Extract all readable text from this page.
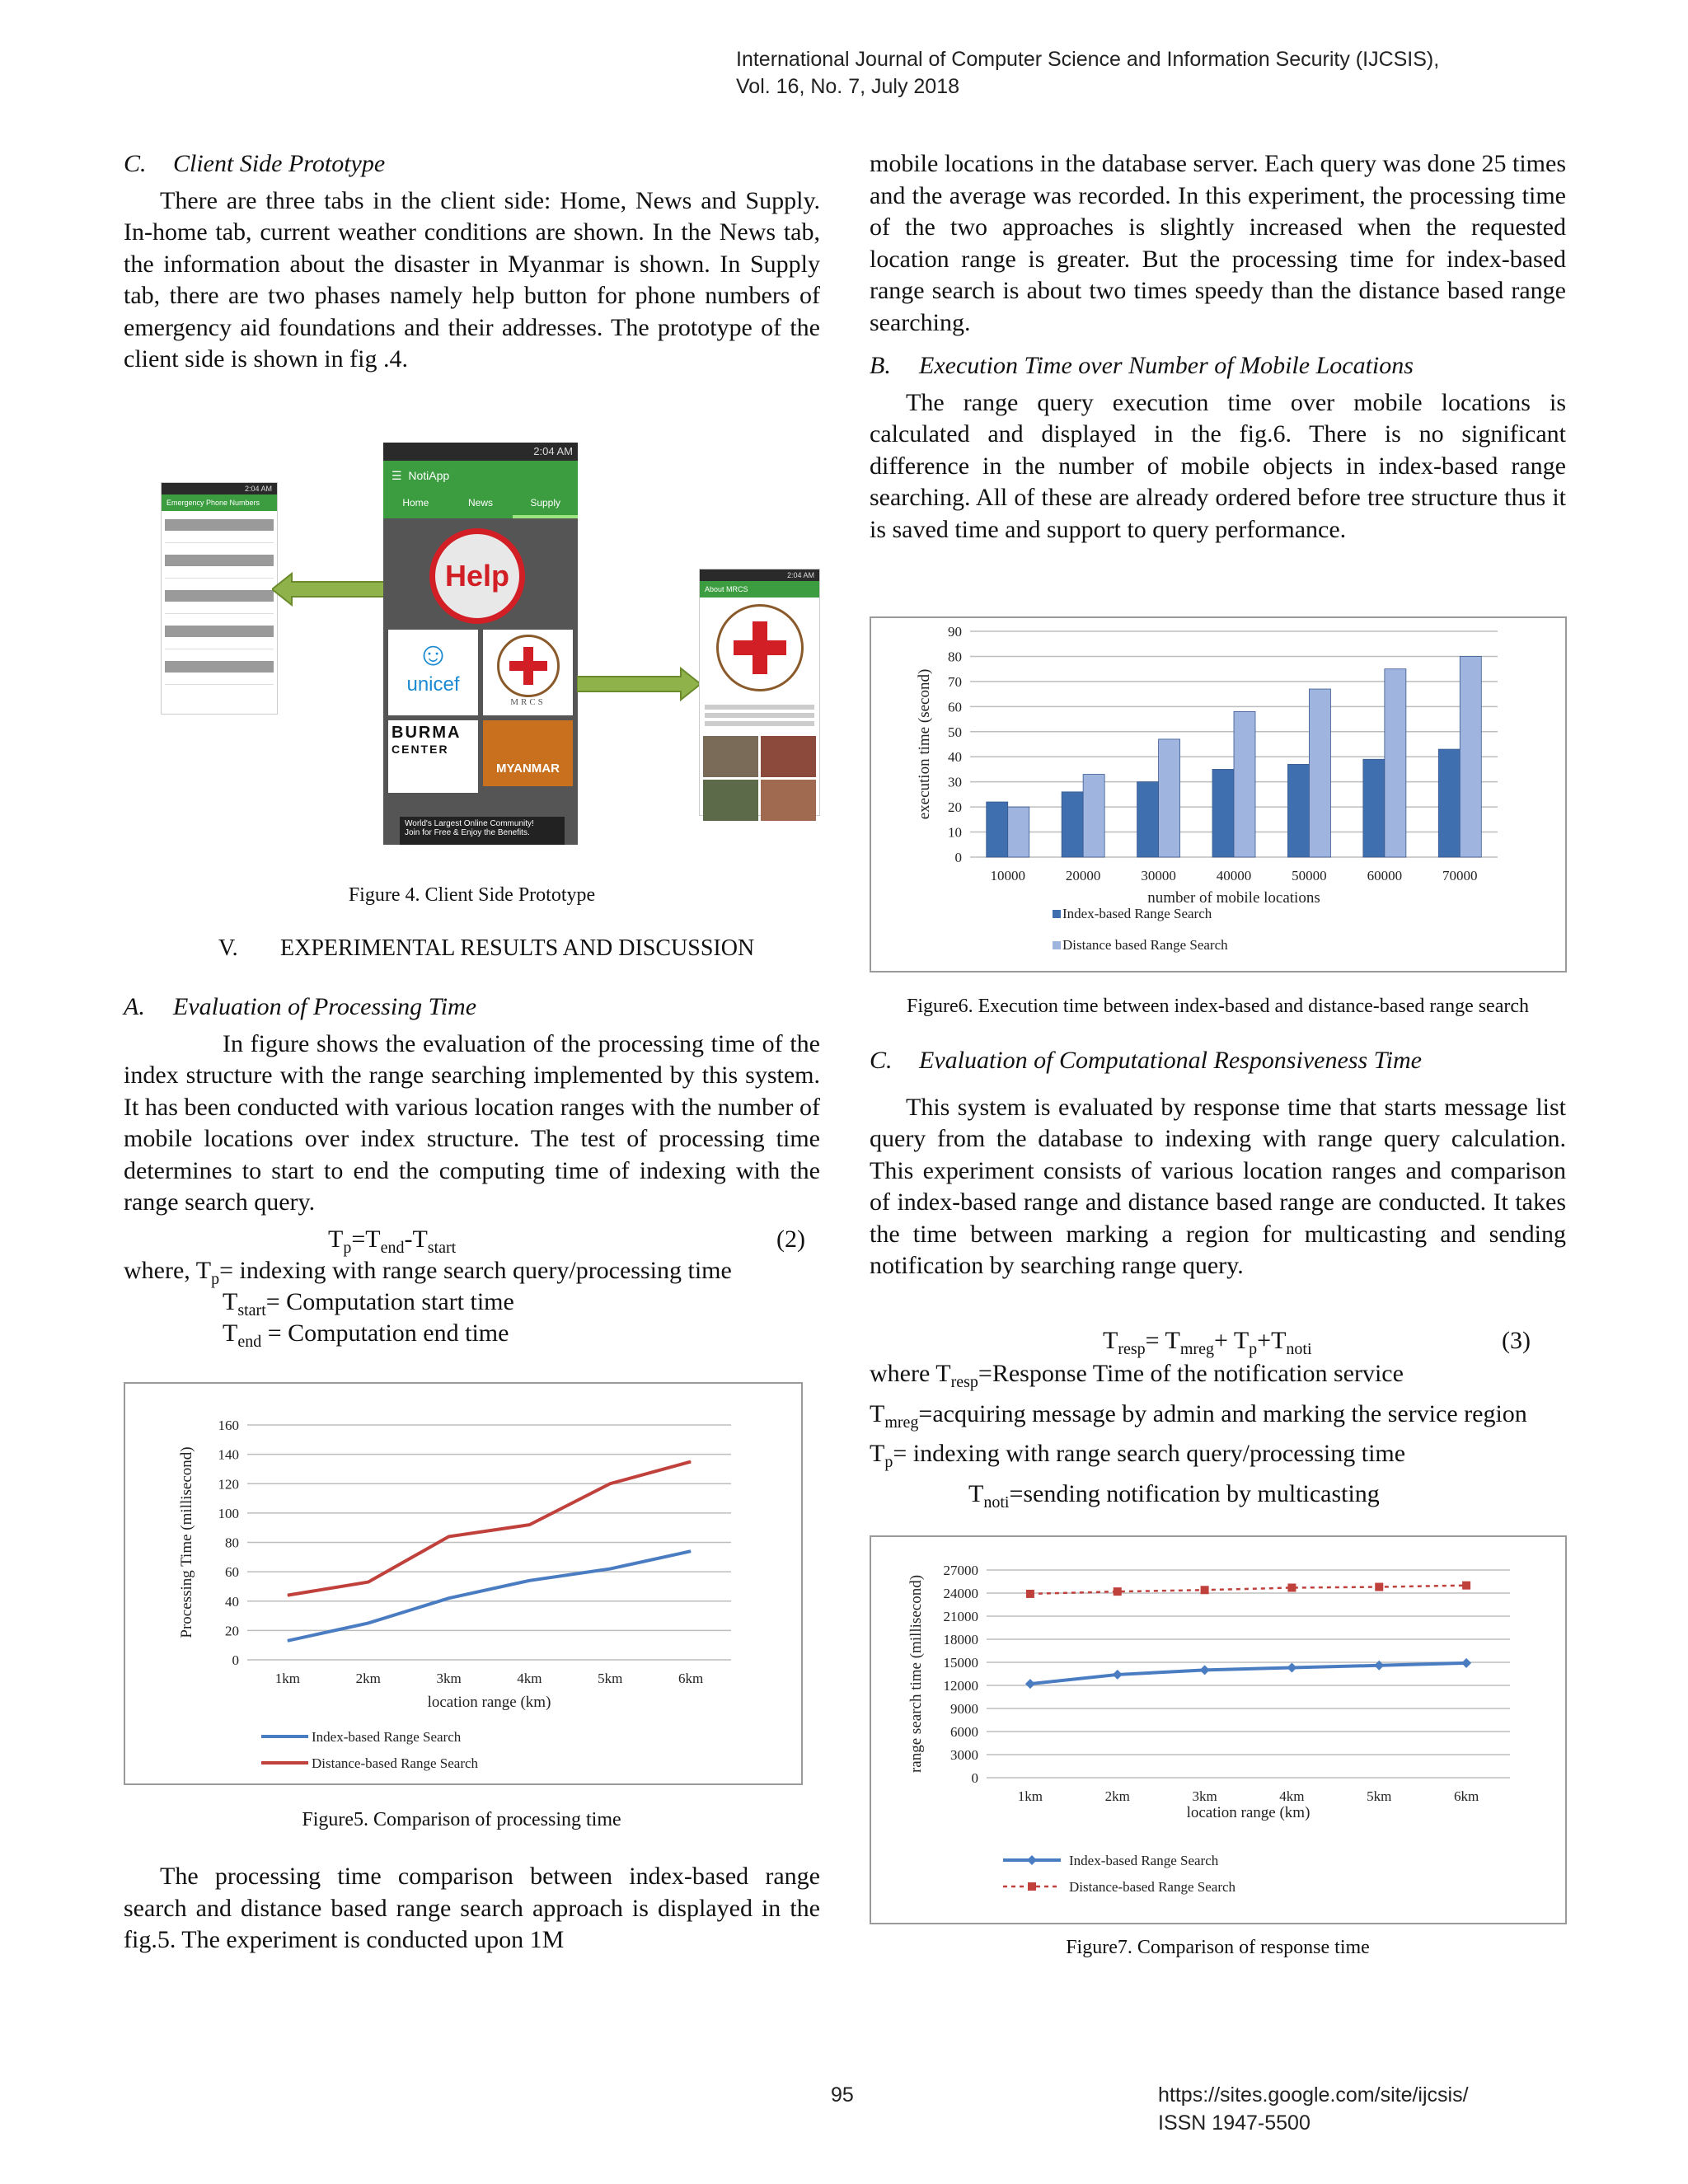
International Journal of Computer Science and Information Security (IJCSIS),
Vol. 16, No. 7, July 2018

C. Client Side Prototype

There are three tabs in the client side: Home, News and Supply. In-home tab, current weather conditions are shown. In the News tab, the information about the disaster in Myanmar is shown. In Supply tab, there are two phases namely help button for phone numbers of emergency aid foundations and their addresses. The prototype of the client side is shown in fig .4.

2:04 AM
Emergency Phone Numbers
2:04 AM
☰  NotiApp
Home	News	Supply
Help
☺
unicef
MRCS
BURMA
CENTER
MYANMAR
World's Largest Online Community!
Join for Free & Enjoy the Benefits.
2:04 AM
About MRCS
Figure 4. Client Side Prototype
V. EXPERIMENTAL RESULTS AND DISCUSSION

A. Evaluation of Processing Time

In figure shows the evaluation of the processing time of the index structure with the range searching implemented by this system. It has been conducted with various location ranges with the number of mobile locations over index structure. The test of processing time determines to start to end the computing time of indexing with the range search query.

$T_p=T_{end}-T_{start}$	(2)
where, $T_p=$ indexing with range search query/processing time
$T_{start}=$ Computation start time
$T_{end}$ = Computation end time
0
20
40
60
80
100
120
140
160
location range (km)
Processing Time (millisecond)
1km	2km	3km	4km	5km	6km
Index-based Range Search
Distance-based Range Search
Figure5. Comparison of processing time

The processing time comparison between index-based range search and distance based range search approach is displayed in the fig.5. The experiment is conducted upon 1M

mobile locations in the database server. Each query was done 25 times and the average was recorded. In this experiment, the processing time of the two approaches is slightly increased when the requested location range is greater. But the processing time for index-based range search is about two times speedy than the distance based range searching.

B. Execution Time over Number of Mobile Locations

The range query execution time over mobile locations is calculated and displayed in the fig.6. There is no significant difference in the number of mobile objects in index-based range searching. All of these are already ordered before tree structure thus it is saved time and support to query performance.

0
10
20
30
40
50
60
70
80
90
number of mobile locations
execution time (second)
10000	20000	30000	40000	50000	60000	70000
Index-based Range Search
Distance based Range Search
Figure6. Execution time between index-based and distance-based range search

C. Evaluation of Computational Responsiveness Time

This system is evaluated by response time that starts message list query from the database to indexing with range query calculation. This experiment consists of various location ranges and comparison of index-based range and distance based range are conducted. It takes the time between marking a region for multicasting and sending notification by searching range query.

$T_{resp}= T_{mreg}+ T_p+T_{noti}$	(3)

where $T_{resp}=Response$ Time of the notification service

$T_{mreg}=acquiring$ message by admin and marking the service region

$T_p=$ indexing with range search query/processing time

$T_{noti}=sending$ notification by multicasting

0
3000
6000
9000
12000
15000
18000
21000
24000
27000
location range (km)
range search time (millisecond)
1km	2km	3km	4km	5km	6km
Index-based Range Search
Distance-based Range Search
Figure7. Comparison of response time
95	https://sites.google.com/site/ijcsis/
ISSN 1947-5500
